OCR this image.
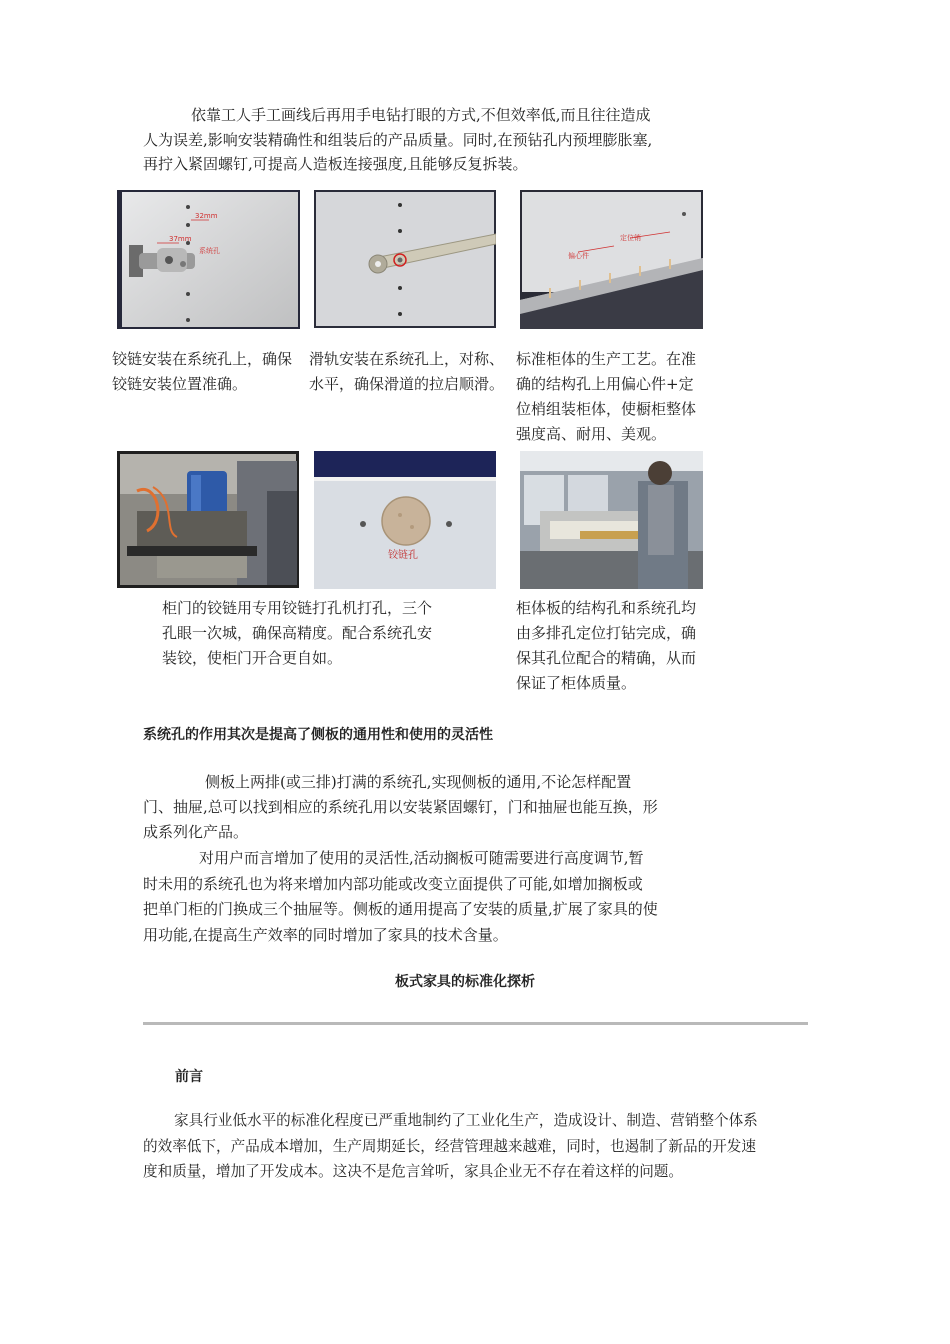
依靠工人手工画线后再用手电钻打眼的方式,不但效率低,而且往往造成

人为误差,影响安装精确性和组装后的产品质量。同时,在预钻孔内预埋膨胀塞,

再拧入紧固螺钉,可提高人造板连接强度,且能够反复拆装。

32mm
37mm
系统孔
偏心件
定位销
铰链安装在系统孔上，确保
铰链安装位置准确。
滑轨安装在系统孔上，对称、
水平，确保滑道的拉启顺滑。
标准柜体的生产工艺。在准
确的结构孔上用偏心件+定
位梢组装柜体，使橱柜整体
强度高、耐用、美观。
铰链孔
柜门的铰链用专用铰链打孔机打孔，三个
孔眼一次城，确保高精度。配合系统孔安
装铰，使柜门开合更自如。
柜体板的结构孔和系统孔均
由多排孔定位打钻完成，确
保其孔位配合的精确，从而
保证了柜体质量。
系统孔的作用其次是提高了侧板的通用性和使用的灵活性

侧板上两排(或三排)打满的系统孔,实现侧板的通用,不论怎样配置

门、抽屉,总可以找到相应的系统孔用以安装紧固螺钉，门和抽屉也能互换，形

成系列化产品。

对用户而言增加了使用的灵活性,活动搁板可随需要进行高度调节,暂

时未用的系统孔也为将来增加内部功能或改变立面提供了可能,如增加搁板或

把单门柜的门换成三个抽屉等。侧板的通用提高了安装的质量,扩展了家具的使

用功能,在提高生产效率的同时增加了家具的技术含量。

板式家具的标准化探析
前言

家具行业低水平的标准化程度已严重地制约了工业化生产，造成设计、制造、营销整个体系

的效率低下，产品成本增加，生产周期延长，经营管理越来越难，同时，也遏制了新品的开发速

度和质量，增加了开发成本。这决不是危言耸听，家具企业无不存在着这样的问题。
